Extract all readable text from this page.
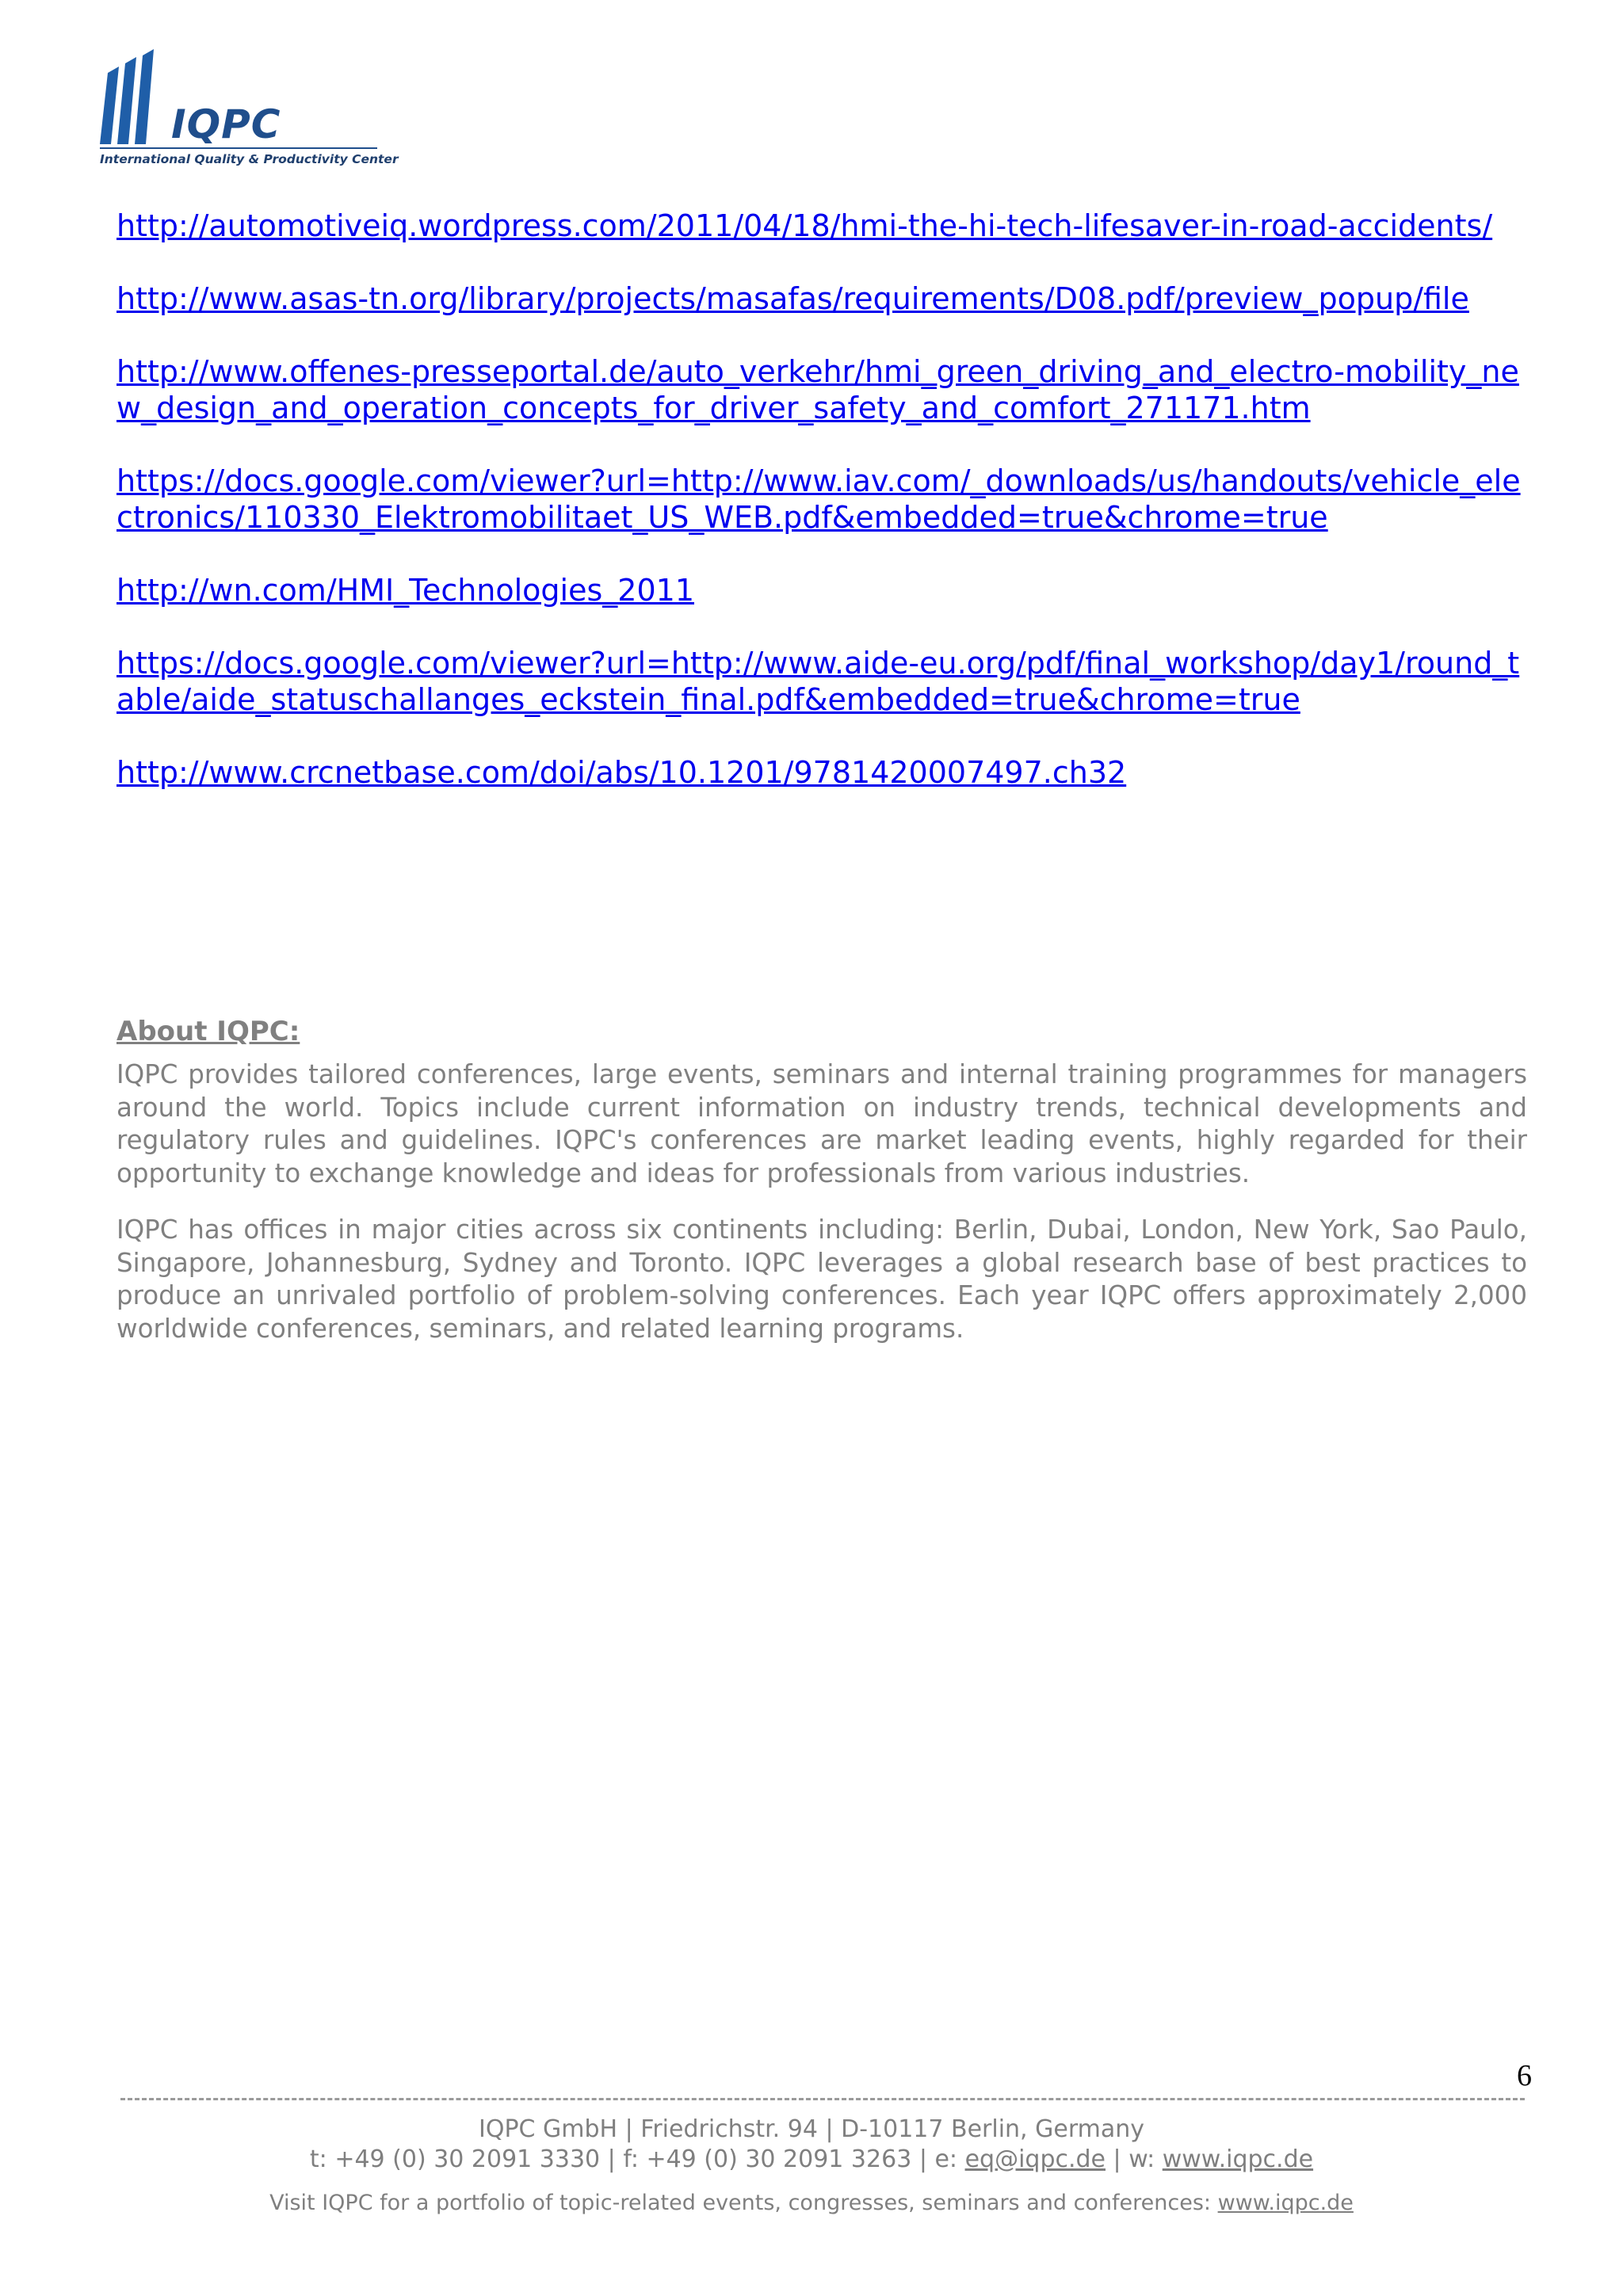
IQPC
International Quality & Productivity Center
http://automotiveiq.wordpress.com/2011/04/18/hmi-the-hi-tech-lifesaver-in-road-accidents/
http://www.asas-tn.org/library/projects/masafas/requirements/D08.pdf/preview_popup/file
http://www.offenes-presseportal.de/auto_verkehr/hmi_green_driving_and_electro-mobility_new_design_and_operation_concepts_for_driver_safety_and_comfort_271171.htm
https://docs.google.com/viewer?url=http://www.iav.com/_downloads/us/handouts/vehicle_electronics/110330_Elektromobilitaet_US_WEB.pdf&embedded=true&chrome=true
http://wn.com/HMI_Technologies_2011
https://docs.google.com/viewer?url=http://www.aide-eu.org/pdf/final_workshop/day1/round_table/aide_statuschallanges_eckstein_final.pdf&embedded=true&chrome=true
http://www.crcnetbase.com/doi/abs/10.1201/9781420007497.ch32
About IQPC:

IQPC provides tailored conferences, large events, seminars and internal training programmes for managers around the world. Topics include current information on industry trends, technical developments and regulatory rules and guidelines. IQPC's conferences are market leading events, highly regarded for their opportunity to exchange knowledge and ideas for professionals from various industries.

IQPC has offices in major cities across six continents including: Berlin, Dubai, London, New York, Sao Paulo, Singapore, Johannesburg, Sydney and Toronto. IQPC leverages a global research base of best practices to produce an unrivaled portfolio of problem-solving conferences. Each year IQPC offers approximately 2,000 worldwide conferences, seminars, and related learning programs.

6
IQPC GmbH | Friedrichstr. 94 | D-10117 Berlin, Germany
t: +49 (0) 30 2091 3330 | f: +49 (0) 30 2091 3263 | e: eq@iqpc.de | w: www.iqpc.de
Visit IQPC for a portfolio of topic-related events, congresses, seminars and conferences: www.iqpc.de
